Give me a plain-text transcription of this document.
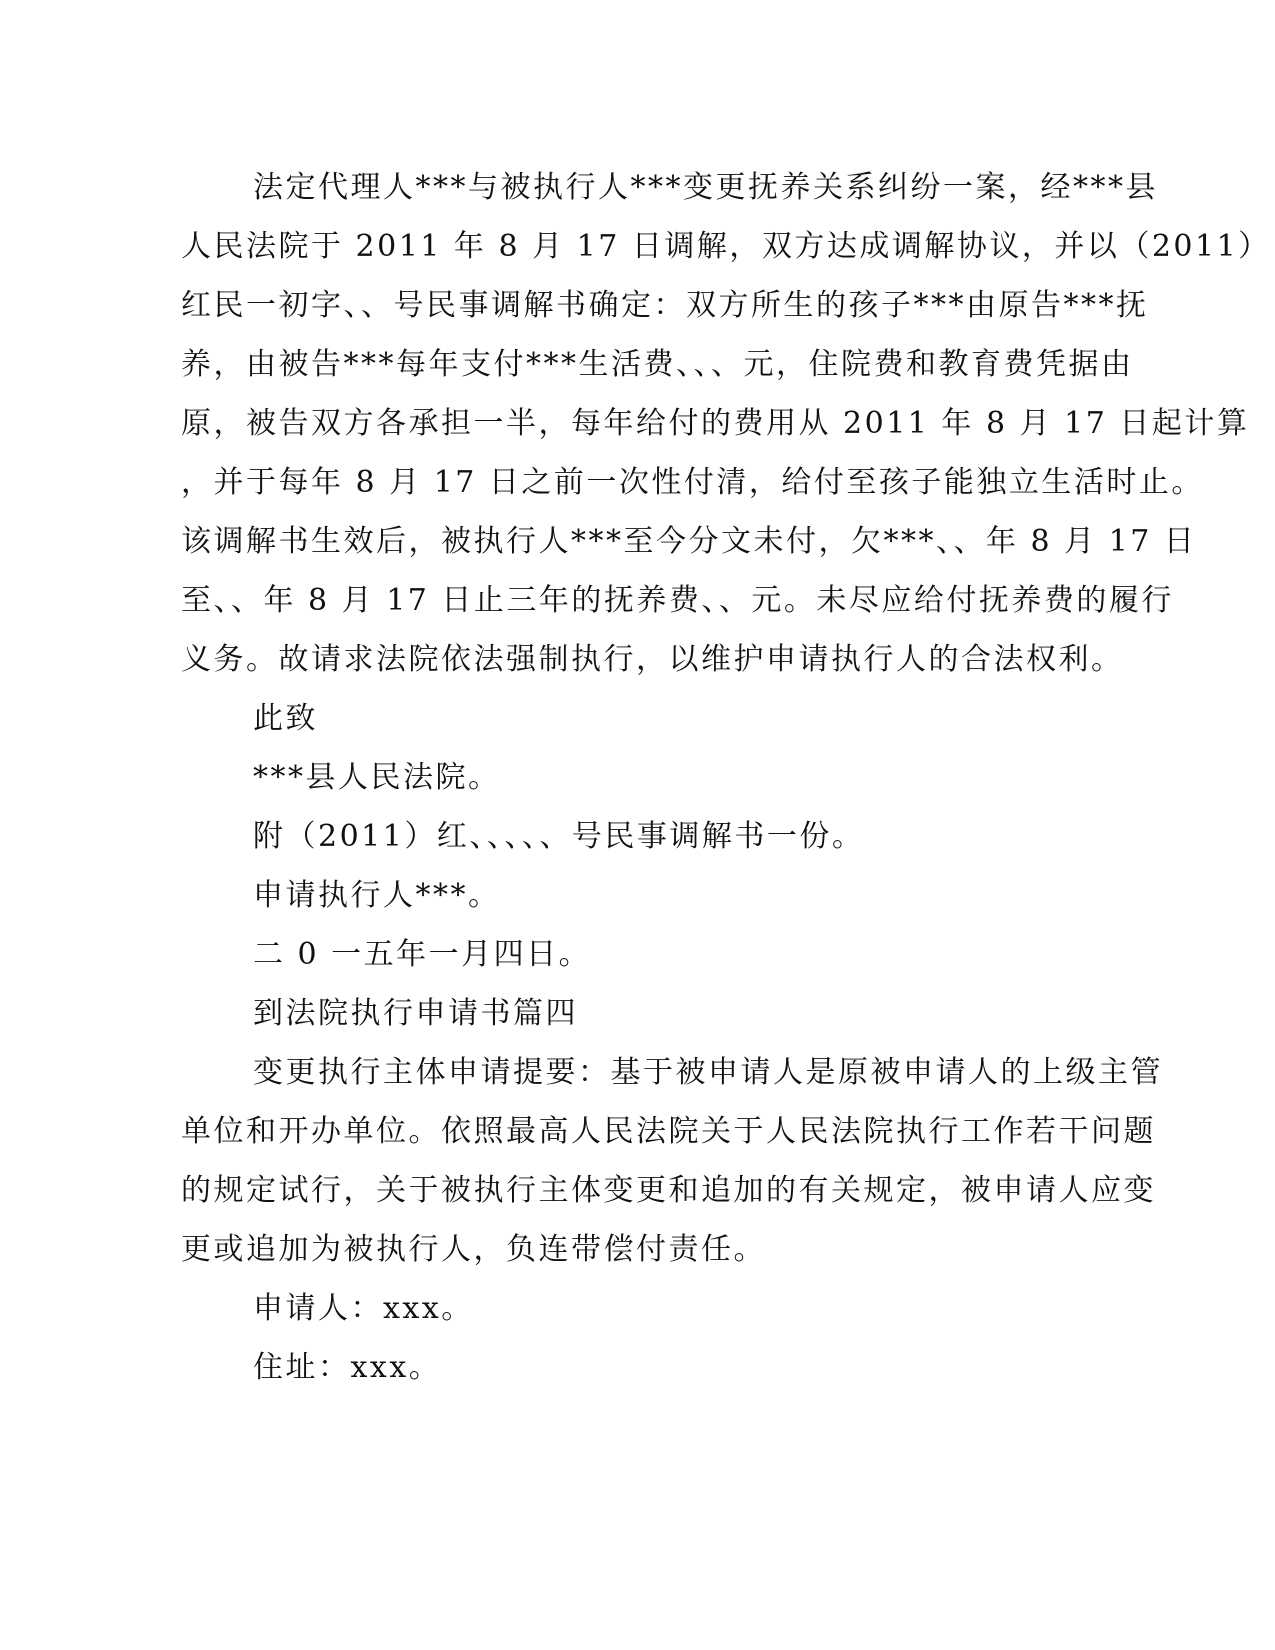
法定代理人***与被执行人***变更抚养关系纠纷一案，经***县
人民法院于 2011 年 8 月 17 日调解，双方达成调解协议，并以（2011）
红民一初字、、号民事调解书确定：双方所生的孩子***由原告***抚
养，由被告***每年支付***生活费、、、元，住院费和教育费凭据由
原，被告双方各承担一半，每年给付的费用从 2011 年 8 月 17 日起计算
，并于每年 8 月 17 日之前一次性付清，给付至孩子能独立生活时止。
该调解书生效后，被执行人***至今分文未付，欠***、、年 8 月 17 日
至、、年 8 月 17 日止三年的抚养费、、元。未尽应给付抚养费的履行
义务。故请求法院依法强制执行，以维护申请执行人的合法权利。
此致
***县人民法院。
附（2011）红、、、、、号民事调解书一份。
申请执行人***。
二 0 一五年一月四日。
到法院执行申请书篇四
变更执行主体申请提要：基于被申请人是原被申请人的上级主管
单位和开办单位。依照最高人民法院关于人民法院执行工作若干问题
的规定试行，关于被执行主体变更和追加的有关规定，被申请人应变
更或追加为被执行人，负连带偿付责任。
申请人：xxx。
住址：xxx。
